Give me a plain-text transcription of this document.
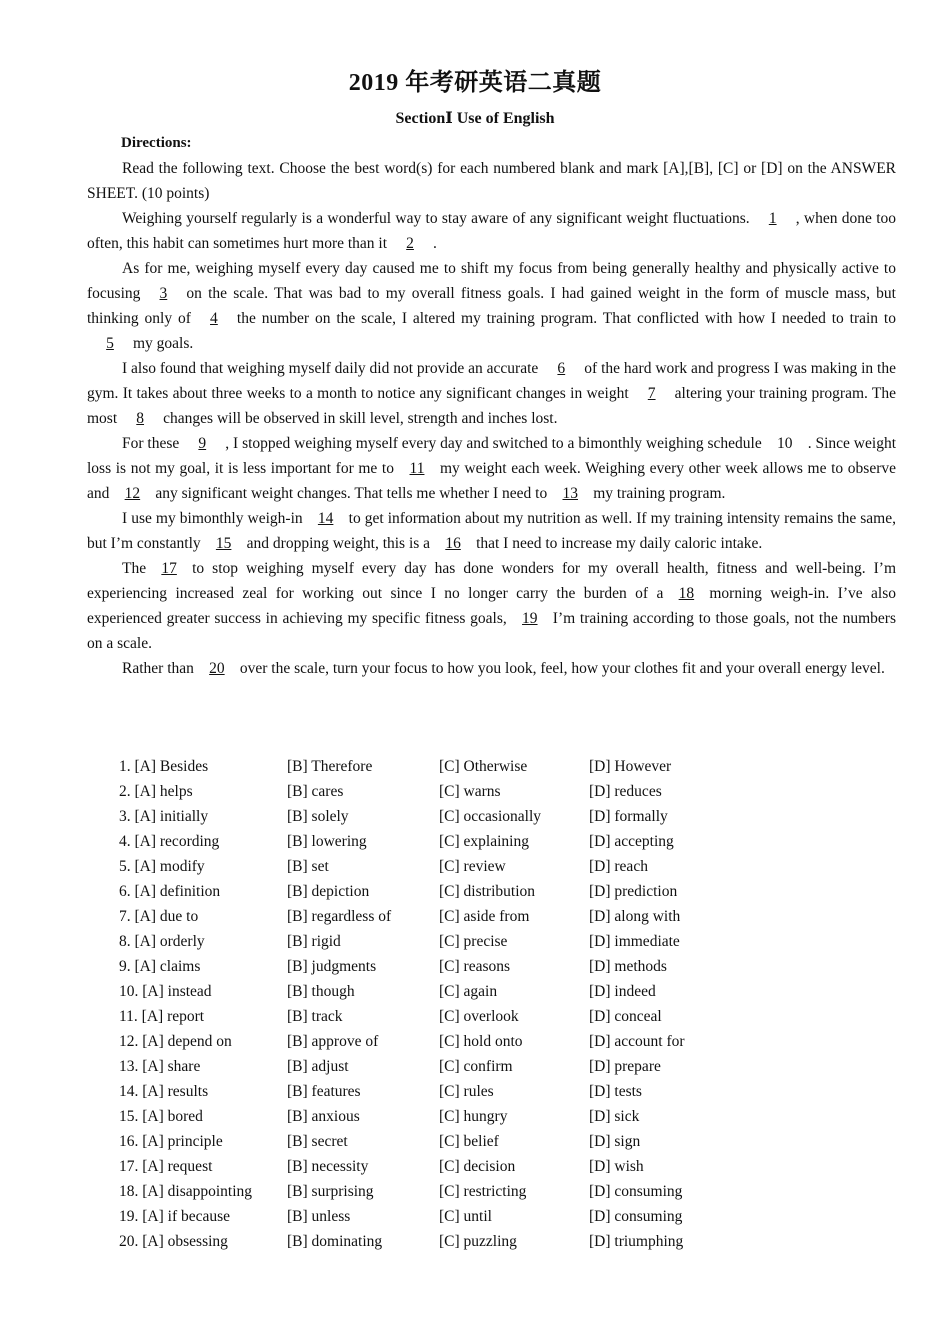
2019 年考研英语二真题
SectionⅠ Use of English
Directions:

Read the following text. Choose the best word(s) for each numbered blank and mark [A],[B], [C] or [D] on the ANSWER SHEET. (10 points)

Weighing yourself regularly is a wonderful way to stay aware of any significant weight fluctuations. 1 , when done too often, this habit can sometimes hurt more than it 2 .

As for me, weighing myself every day caused me to shift my focus from being generally healthy and physically active to focusing 3 on the scale. That was bad to my overall fitness goals. I had gained weight in the form of muscle mass, but thinking only of 4 the number on the scale, I altered my training program. That conflicted with how I needed to train to5 my goals.

I also found that weighing myself daily did not provide an accurate 6 of the hard work and progress I was making in the gym. It takes about three weeks to a month to notice any significant changes in weight 7 altering your training program. The most 8 changes will be observed in skill level, strength and inches lost.

For these 9 , I stopped weighing myself every day and switched to a bimonthly weighing schedule 10 . Since weight loss is not my goal, it is less important for me to 11 my weight each week. Weighing every other week allows me to observe and 12 any significant weight changes. That tells me whether I need to 13 my training program.

I use my bimonthly weigh-in 14 to get information about my nutrition as well. If my training intensity remains the same, but I’m constantly 15 and dropping weight, this is a 16 that I need to increase my daily caloric intake.

The 17 to stop weighing myself every day has done wonders for my overall health, fitness and well-being. I’m experiencing increased zeal for working out since I no longer carry the burden of a 18 morning weigh-in. I’ve also experienced greater success in achieving my specific fitness goals, 19 I’m training according to those goals, not the numbers on a scale.

Rather than 20 over the scale, turn your focus to how you look, feel, how your clothes fit and your overall energy level.

1. [A] Besides	[B] Therefore	[C] Otherwise	[D] However
2. [A] helps	[B] cares	[C] warns	[D] reduces
3. [A] initially	[B] solely	[C] occasionally	[D] formally
4. [A] recording	[B] lowering	[C] explaining	[D] accepting
5. [A] modify	[B] set	[C] review	[D] reach
6. [A] definition	[B] depiction	[C] distribution	[D] prediction
7. [A] due to	[B] regardless of	[C] aside from	[D] along with
8. [A] orderly	[B] rigid	[C] precise	[D] immediate
9. [A] claims	[B] judgments	[C] reasons	[D] methods
10. [A] instead	[B] though	[C] again	[D] indeed
11. [A] report	[B] track	[C] overlook	[D] conceal
12. [A] depend on	[B] approve of	[C] hold onto	[D] account for
13. [A] share	[B] adjust	[C] confirm	[D] prepare
14. [A] results	[B] features	[C] rules	[D] tests
15. [A] bored	[B] anxious	[C] hungry	[D] sick
16. [A] principle	[B] secret	[C] belief	[D] sign
17. [A] request	[B] necessity	[C] decision	[D] wish
18. [A] disappointing	[B] surprising	[C] restricting	[D] consuming
19. [A] if because	[B] unless	[C] until	[D] consuming
20. [A] obsessing	[B] dominating	[C] puzzling	[D] triumphing
